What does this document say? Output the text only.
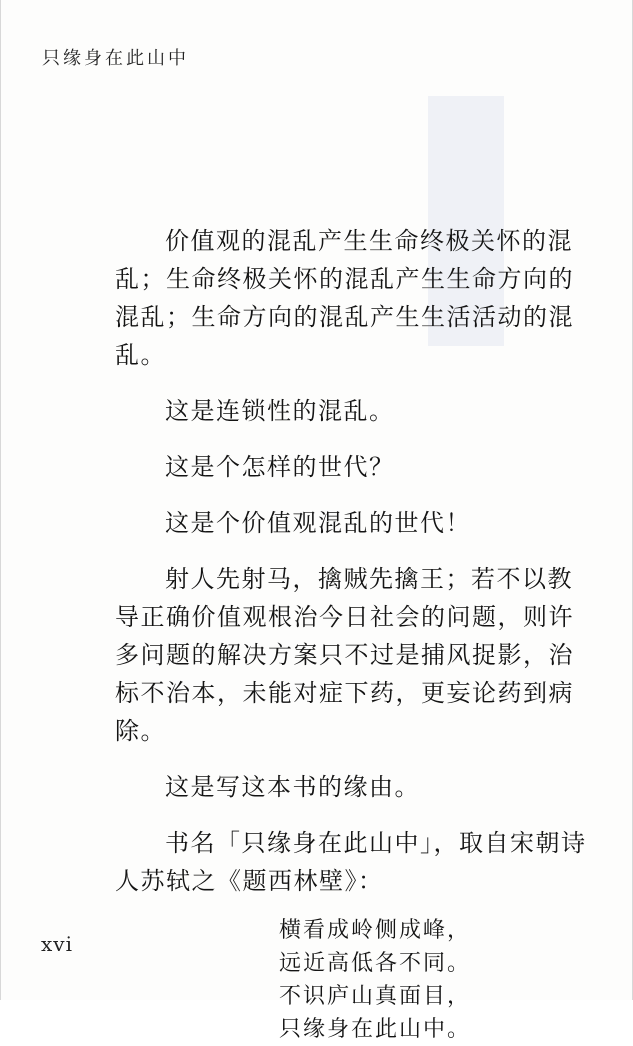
只缘身在此山中

价值观的混乱产生生命终极关怀的混乱；生命终极关怀的混乱产生生命方向的混乱；生命方向的混乱产生生活活动的混乱。

这是连锁性的混乱。

这是个怎样的世代？

这是个价值观混乱的世代！

射人先射马，擒贼先擒王；若不以教导正确价值观根治今日社会的问题，则许多问题的解决方案只不过是捕风捉影，治标不治本，未能对症下药，更妄论药到病除。

这是写这本书的缘由。

书名「只缘身在此山中」，取自宋朝诗人苏轼之《题西林壁》：

横看成岭侧成峰，
远近高低各不同。
不识庐山真面目，
只缘身在此山中。
xvi
